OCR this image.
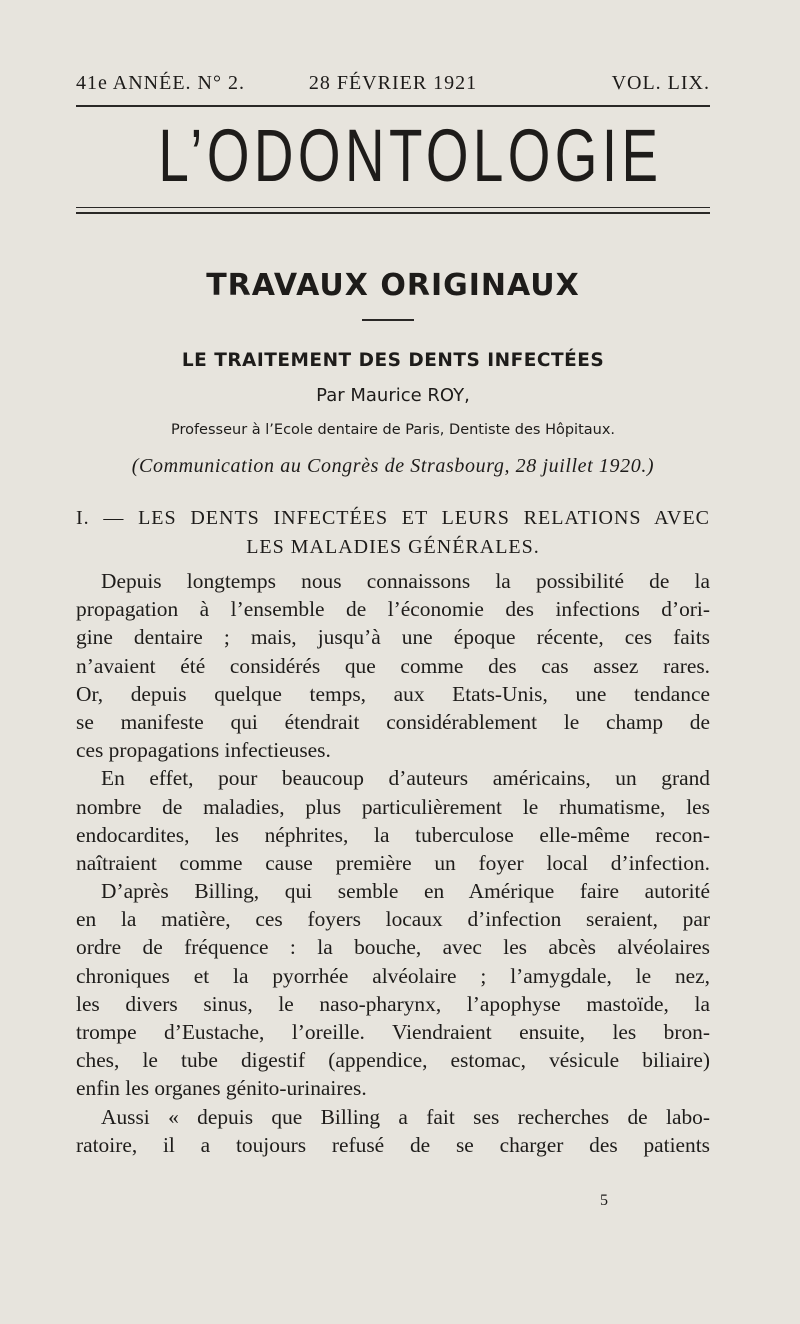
41e ANNÉE. N° 2.	28 FÉVRIER 1921	VOL. LIX.
L’ODONTOLOGIE
TRAVAUX ORIGINAUX
LE TRAITEMENT DES DENTS INFECTÉES
Par Maurice ROY,
Professeur à l’Ecole dentaire de Paris, Dentiste des Hôpitaux.
(Communication au Congrès de Strasbourg, 28 juillet 1920.)
I. — LES DENTS INFECTÉES ET LEURS RELATIONS AVEC
LES MALADIES GÉNÉRALES.
Depuis longtemps nous connaissons la possibilité de la
propagation à l’ensemble de l’économie des infections d’ori-
gine dentaire ; mais, jusqu’à une époque récente, ces faits
n’avaient été considérés que comme des cas assez rares.
Or, depuis quelque temps, aux Etats-Unis, une tendance
se manifeste qui étendrait considérablement le champ de
ces propagations infectieuses.
En effet, pour beaucoup d’auteurs américains, un grand
nombre de maladies, plus particulièrement le rhumatisme, les
endocardites, les néphrites, la tuberculose elle-même recon-
naîtraient comme cause première un foyer local d’infection.
D’après Billing, qui semble en Amérique faire autorité
en la matière, ces foyers locaux d’infection seraient, par
ordre de fréquence : la bouche, avec les abcès alvéolaires
chroniques et la pyorrhée alvéolaire ; l’amygdale, le nez,
les divers sinus, le naso-pharynx, l’apophyse mastoïde, la
trompe d’Eustache, l’oreille. Viendraient ensuite, les bron-
ches, le tube digestif (appendice, estomac, vésicule biliaire)
enfin les organes génito-urinaires.
Aussi « depuis que Billing a fait ses recherches de labo-
ratoire, il a toujours refusé de se charger des patients
5
